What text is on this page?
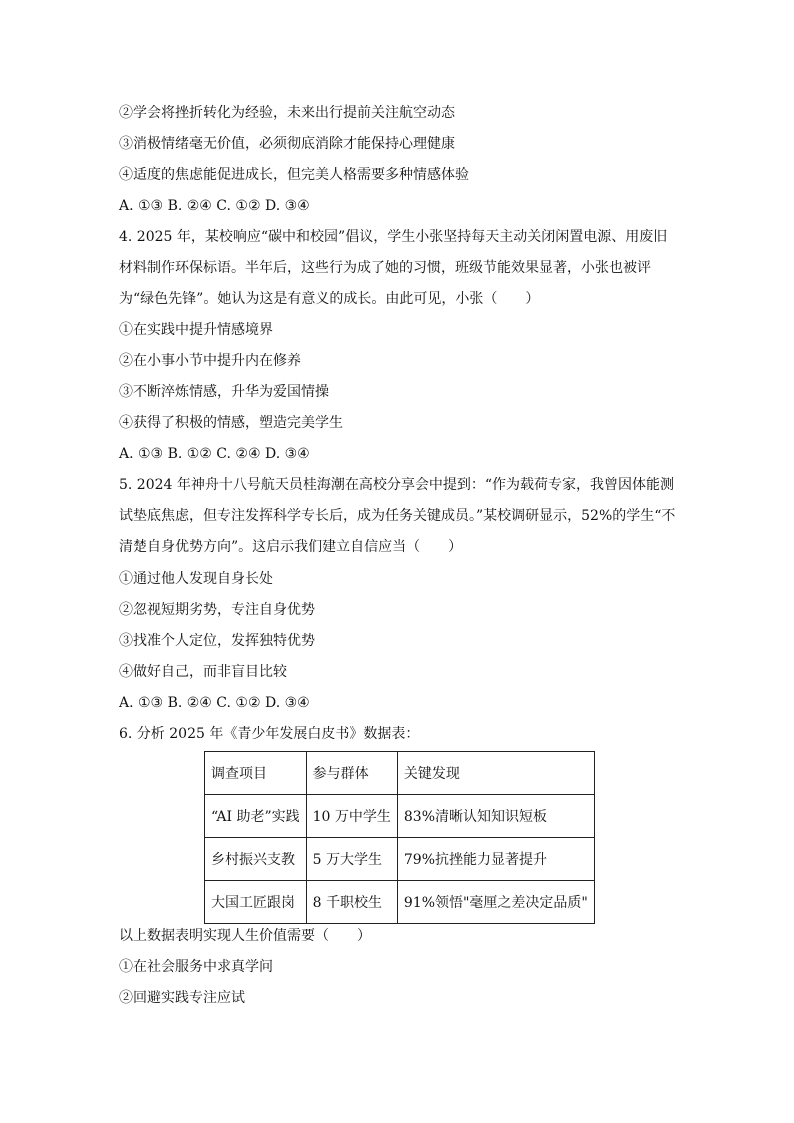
②学会将挫折转化为经验，未来出行提前关注航空动态
③消极情绪毫无价值，必须彻底消除才能保持心理健康
④适度的焦虑能促进成长，但完美人格需要多种情感体验
A. ①③ B. ②④ C. ①② D. ③④
4. 2025 年，某校响应“碳中和校园”倡议，学生小张坚持每天主动关闭闲置电源、用废旧材料制作环保标语。半年后，这些行为成了她的习惯，班级节能效果显著，小张也被评为“绿色先锋”。她认为这是有意义的成长。由此可见，小张（　　）
①在实践中提升情感境界
②在小事小节中提升内在修养
③不断淬炼情感，升华为爱国情操
④获得了积极的情感，塑造完美学生
A. ①③ B. ①② C. ②④ D. ③④
5. 2024 年神舟十八号航天员桂海潮在高校分享会中提到：“作为载荷专家，我曾因体能测试垫底焦虑，但专注发挥科学专长后，成为任务关键成员。”某校调研显示，52%的学生“不清楚自身优势方向”。这启示我们建立自信应当（　　）
①通过他人发现自身长处
②忽视短期劣势，专注自身优势
③找准个人定位，发挥独特优势
④做好自己，而非盲目比较
A. ①③ B. ②④ C. ①② D. ③④
6. 分析 2025 年《青少年发展白皮书》数据表：
调查项目	参与群体	关键发现
“AI 助老”实践	10 万中学生	83%清晰认知知识短板
乡村振兴支教	5 万大学生	79%抗挫能力显著提升
大国工匠跟岗	8 千职校生	91%领悟"毫厘之差决定品质"
以上数据表明实现人生价值需要（　　）
①在社会服务中求真学问
②回避实践专注应试
